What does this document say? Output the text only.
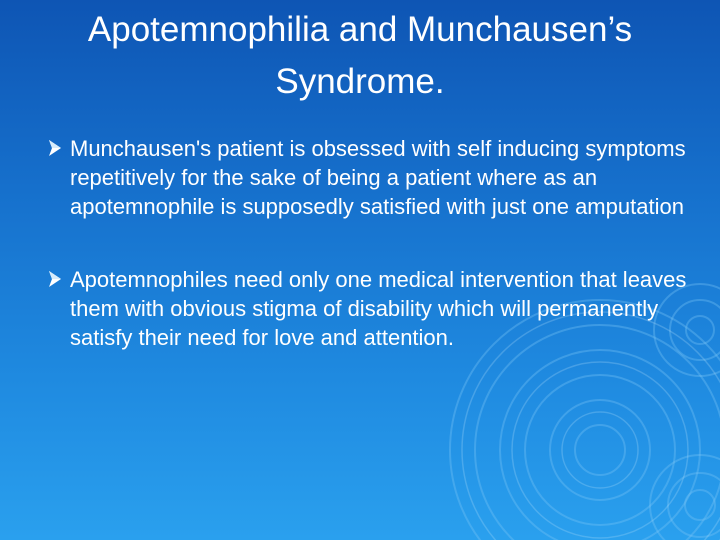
Apotemnophilia and Munchausen’s Syndrome.
Munchausen's patient is obsessed with self inducing symptoms repetitively for the sake of being a patient where as an apotemnophile is supposedly satisfied with just one amputation
Apotemnophiles need only one medical intervention that leaves them with obvious stigma of disability which will permanently satisfy their need for love and attention.
